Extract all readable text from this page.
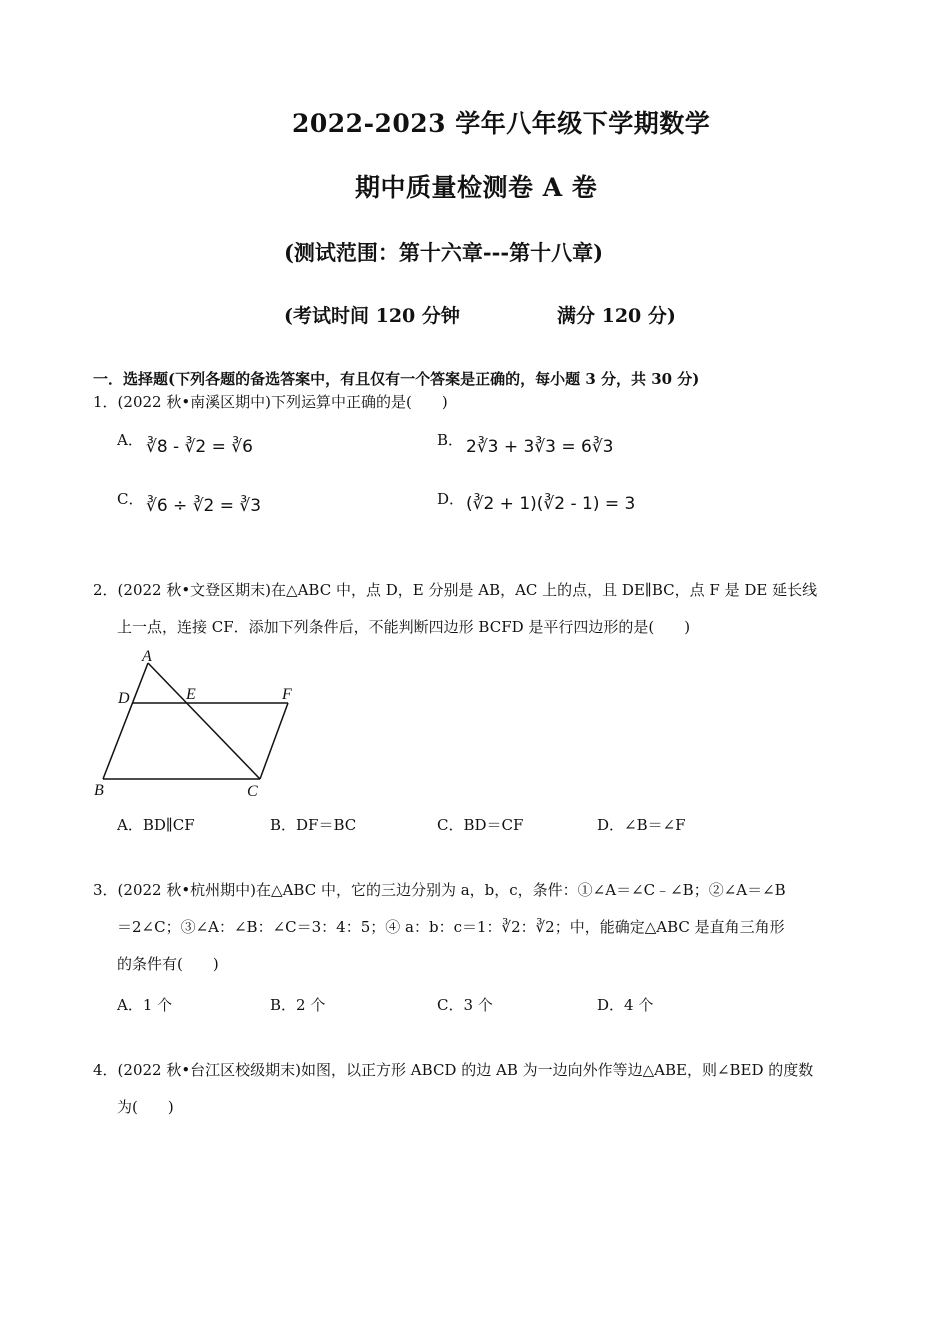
2022-2023 学年八年级下学期数学
期中质量检测卷 A 卷
(测试范围：第十六章---第十八章)
(考试时间 120 分钟	满分 120 分)
一．选择题(下列各题的备选答案中，有且仅有一个答案是正确的，每小题 3 分，共 30 分)
1．(2022 秋•南溪区期中)下列运算中正确的是(　　)
A． ∛8 - ∛2 = ∛6	B． 2∛3 + 3∛3 = 6∛3
C． ∛6 ÷ ∛2 = ∛3	D． (∛2 + 1)(∛2 - 1) = 3
2．(2022 秋•文登区期末)在△ABC 中，点 D，E 分别是 AB，AC 上的点，且 DE∥BC，点 F 是 DE 延长线
上一点，连接 CF．添加下列条件后，不能判断四边形 BCFD 是平行四边形的是(　　)
A
D	E	F
B	C
A．BD∥CF	B．DF＝BC	C．BD＝CF	D．∠B＝∠F
3．(2022 秋•杭州期中)在△ABC 中，它的三边分别为 a，b，c，条件：①∠A＝∠C﹣∠B；②∠A＝∠B
＝2∠C；③∠A：∠B：∠C＝3：4：5；④ a：b：c＝1：∛2：∛2；中，能确定△ABC 是直角三角形
的条件有(　　)
A．1 个	B．2 个	C．3 个	D．4 个
4．(2022 秋•台江区校级期末)如图，以正方形 ABCD 的边 AB 为一边向外作等边△ABE，则∠BED 的度数
为(　　)
